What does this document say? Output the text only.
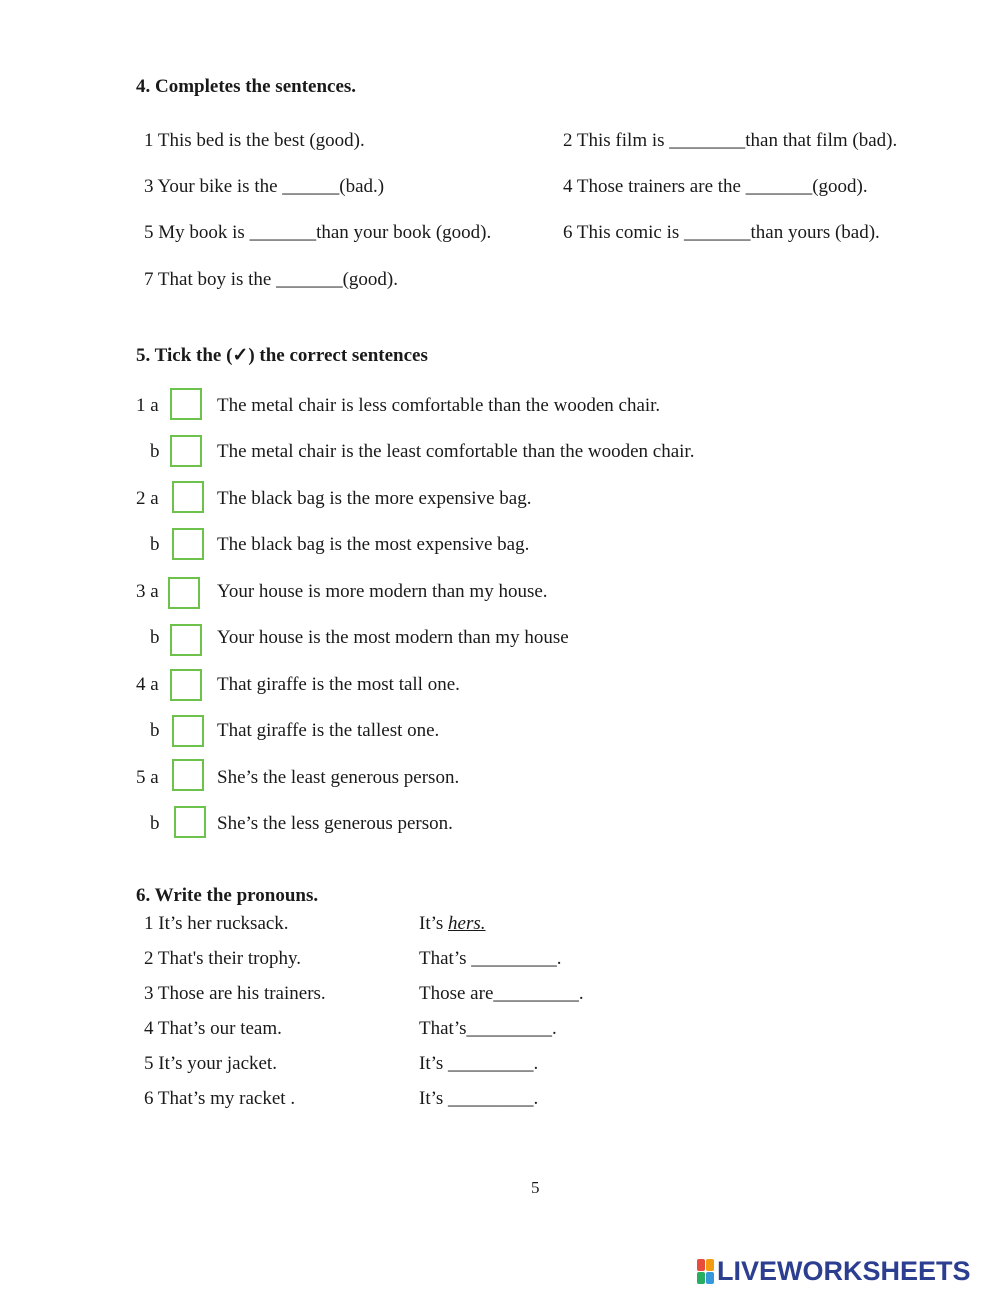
4. Completes the sentences.
1 This bed is the best (good).	2 This film is ________than that film (bad).
3 Your bike is the ______(bad.)	4 Those trainers are the _______(good).
5 My book is _______than your book (good).	6 This comic is _______than yours (bad).
7 That boy is the _______(good).
5. Tick the (✓) the correct sentences
1 a	The metal chair is less comfortable than the wooden chair.
b	The metal chair is the least comfortable than the wooden chair.
2 a	The black bag is the more expensive bag.
b	The black bag is the most expensive bag.
3 a	Your house is more modern than my house.
b	Your house is the most modern than my house
4 a	That giraffe is the most tall one.
b	That giraffe is the tallest one.
5 a	She’s the least generous person.
b	She’s the less generous person.
6. Write the pronouns.
1 It’s her rucksack.	It’s hers.
2 That's their trophy.	That’s _________.
3 Those are his trainers.	Those are_________.
4 That’s our team.	That’s_________.
5 It’s your jacket.	It’s _________.
6 That’s my racket .	It’s _________.
5
LIVEWORKSHEETS
